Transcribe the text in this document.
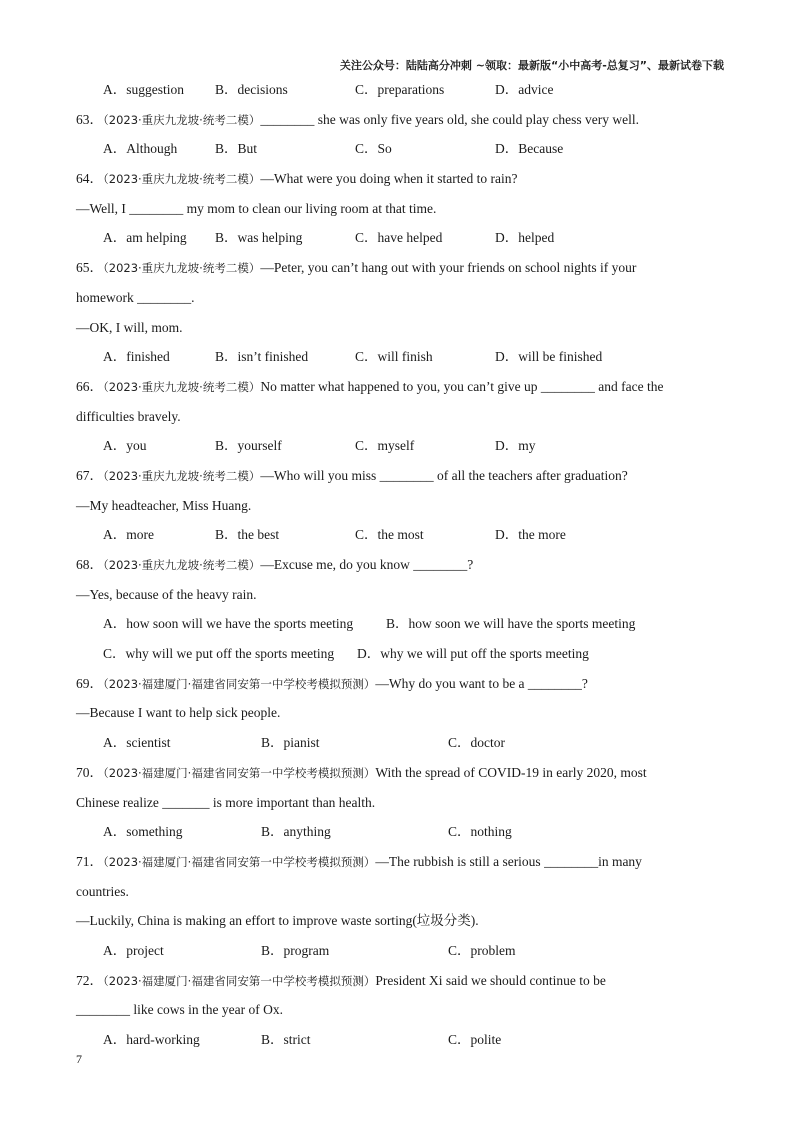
关注公众号：陆陆高分冲刺 ~领取：最新版“小中高考-总复习”、最新试卷下载
A．suggestion B．decisions	C．preparations	D．advice
63．（2023·重庆九龙坡·统考二模）________ she was only five years old, she could play chess very well.
A．Although	B．But	C．So	D．Because
64．（2023·重庆九龙坡·统考二模）—What were you doing when it started to rain?
—Well, I ________ my mom to clean our living room at that time.
A．am helping B．was helping	C．have helped	D．helped
65．（2023·重庆九龙坡·统考二模）—Peter, you can’t hang out with your friends on school nights if your
homework ________.
—OK, I will, mom.
A．finished	B．isn’t finished	C．will finish	D．will be finished
66．（2023·重庆九龙坡·统考二模）No matter what happened to you, you can’t give up ________ and face the
difficulties bravely.
A．you	B．yourself	C．myself	D．my
67．（2023·重庆九龙坡·统考二模）—Who will you miss ________ of all the teachers after graduation?
—My headteacher, Miss Huang.
A．more	B．the best	C．the most	D．the more
68．（2023·重庆九龙坡·统考二模）—Excuse me, do you know ________?
—Yes, because of the heavy rain.
A．how soon will we have the sports meeting B．how soon we will have the sports meeting
C．why will we put off the sports meeting D．why we will put off the sports meeting
69．（2023·福建厦门·福建省同安第一中学校考模拟预测）—Why do you want to be a ________?
—Because I want to help sick people.
A．scientist	B．pianist	C．doctor
70．（2023·福建厦门·福建省同安第一中学校考模拟预测）With the spread of COVID-19 in early 2020, most
Chinese realize _______ is more important than health.
A．something	B．anything	C．nothing
71．（2023·福建厦门·福建省同安第一中学校考模拟预测）—The rubbish is still a serious ________in many
countries.
—Luckily, China is making an effort to improve waste sorting(垃圾分类).
A．project	B．program	C．problem
72．（2023·福建厦门·福建省同安第一中学校考模拟预测）President Xi said we should continue to be
________ like cows in the year of Ox.
A．hard-working	B．strict	C．polite
7
